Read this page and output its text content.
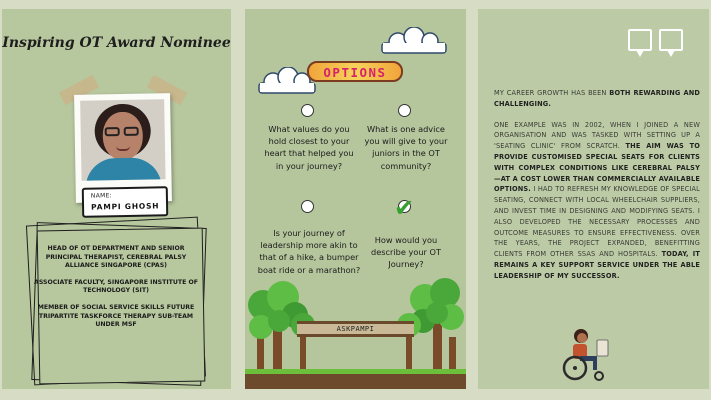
Inspiring OT Award Nominee
NAME:
PAMPI GHOSH

HEAD OF OT DEPARTMENT AND SENIOR PRINCIPAL THERAPIST, CEREBRAL PALSY ALLIANCE SINGAPORE (CPAS)

ASSOCIATE FACULTY, SINGAPORE INSTITUTE OF TECHNOLOGY (SIT)

MEMBER OF SOCIAL SERVICE SKILLS FUTURE TRIPARTITE TASKFORCE THERAPY SUB-TEAM UNDER MSF

OPTIONS
What values do you hold closest to your heart that helped you in your journey?
What is one advice you will give to your juniors in the OT community?
Is your journey of leadership more akin to that of a hike, a bumper boat ride or a marathon?
✔
How would you describe your OT Journey?
ASKPAMPI

MY CAREER GROWTH HAS BEEN BOTH REWARDING AND CHALLENGING.

ONE EXAMPLE WAS IN 2002, WHEN I JOINED A NEW ORGANISATION AND WAS TASKED WITH SETTING UP A 'SEATING CLINIC' FROM SCRATCH. THE AIM WAS TO PROVIDE CUSTOMISED SPECIAL SEATS FOR CLIENTS WITH COMPLEX CONDITIONS LIKE CEREBRAL PALSY —AT A COST LOWER THAN COMMERCIALLY AVAILABLE OPTIONS. I HAD TO REFRESH MY KNOWLEDGE OF SPECIAL SEATING, CONNECT WITH LOCAL WHEELCHAIR SUPPLIERS, AND INVEST TIME IN DESIGNING AND MODIFYING SEATS. I ALSO DEVELOPED THE NECESSARY PROCESSES AND OUTCOME MEASURES TO ENSURE EFFECTIVENESS. OVER THE YEARS, THE PROJECT EXPANDED, BENEFITTING CLIENTS FROM OTHER SSAS AND HOSPITALS. TODAY, IT REMAINS A KEY SUPPORT SERVICE UNDER THE ABLE LEADERSHIP OF MY SUCCESSOR.
